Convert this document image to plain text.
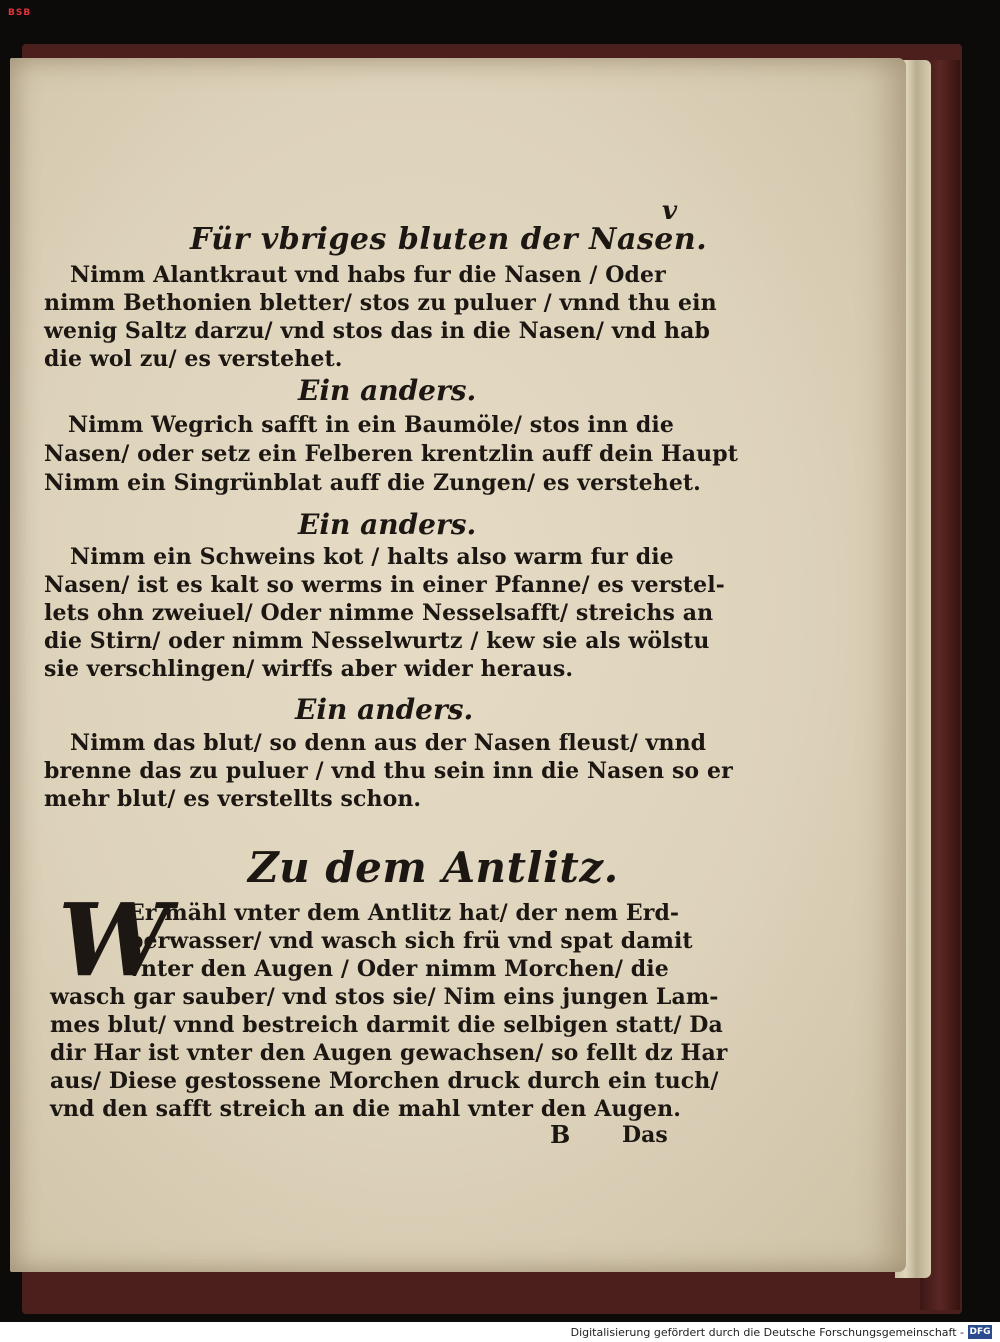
BSB
v
Für vbriges bluten der Nasen.
Nimm Alantkraut vnd habs fur die Nasen / Oder
nimm Bethonien bletter/ stos zu puluer / vnnd thu ein
wenig Saltz darzu/ vnd stos das in die Nasen/ vnd hab
die wol zu/ es verstehet.
Ein anders.
Nimm Wegrich safft in ein Baumöle/ stos inn die
Nasen/ oder setz ein Felberen krentzlin auff dein Haupt
Nimm ein Singrünblat auff die Zungen/ es verstehet.
Ein anders.
Nimm ein Schweins kot / halts also warm fur die
Nasen/ ist es kalt so werms in einer Pfanne/ es verstel-
lets ohn zweiuel/ Oder nimme Nesselsafft/ streichs an
die Stirn/ oder nimm Nesselwurtz / kew sie als wölstu
sie verschlingen/ wirffs aber wider heraus.
Ein anders.
Nimm das blut/ so denn aus der Nasen fleust/ vnnd
brenne das zu puluer / vnd thu sein inn die Nasen so er
mehr blut/ es verstellts schon.
Zu dem Antlitz.
W
Er mähl vnter dem Antlitz hat/ der nem Erd-
berwasser/ vnd wasch sich frü vnd spat damit
vnter den Augen / Oder nimm Morchen/ die
wasch gar sauber/ vnd stos sie/ Nim eins jungen Lam-
mes blut/ vnnd bestreich darmit die selbigen statt/ Da
dir Har ist vnter den Augen gewachsen/ so fellt dz Har
aus/ Diese gestossene Morchen druck durch ein tuch/
vnd den safft streich an die mahl vnter den Augen.
B Das
Digitalisierung gefördert durch die Deutsche Forschungsgemeinschaft - DFG
